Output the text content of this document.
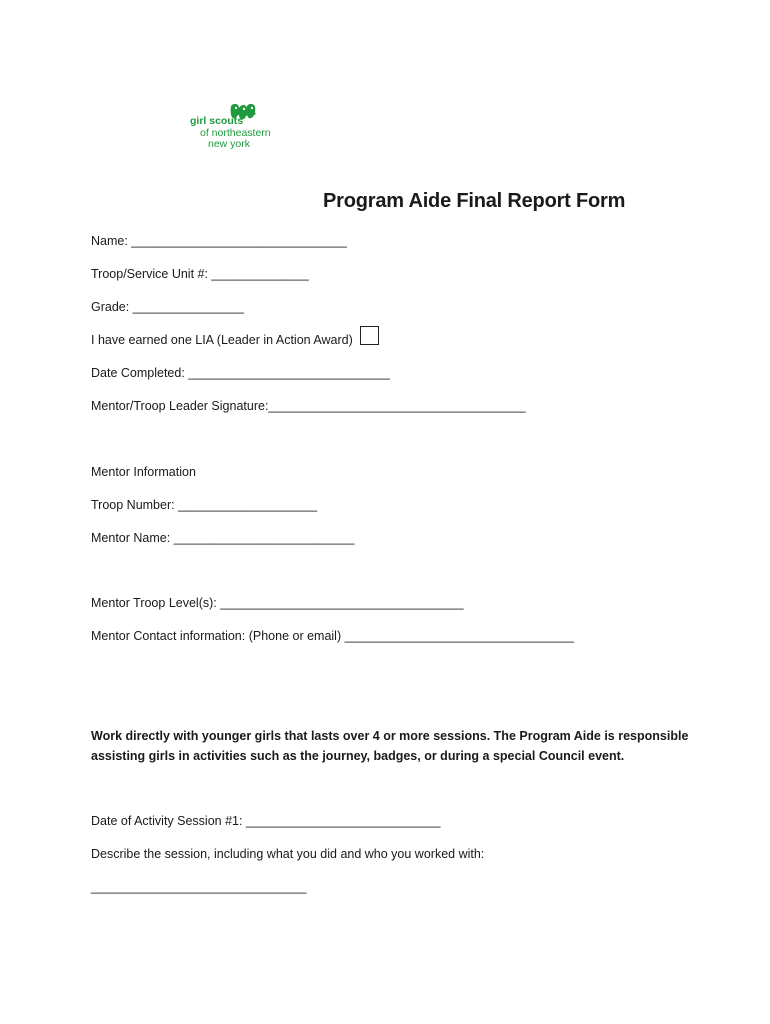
girl scouts
of northeastern
new york
Program Aide Final Report Form
Name: _______________________________
Troop/Service Unit #: ______________
Grade: ________________
I have earned one LIA (Leader in Action Award)
Date Completed: _____________________________
Mentor/Troop Leader Signature:_____________________________________
Mentor Information
Troop Number: ____________________
Mentor Name: __________________________
Mentor Troop Level(s): ___________________________________
Mentor Contact information: (Phone or email) _________________________________
Work directly with younger girls that lasts over 4 or more sessions. The Program Aide is responsible
assisting girls in activities such as the journey, badges, or during a special Council event.
Date of Activity Session #1: ____________________________
Describe the session, including what you did and who you worked with:
_______________________________
